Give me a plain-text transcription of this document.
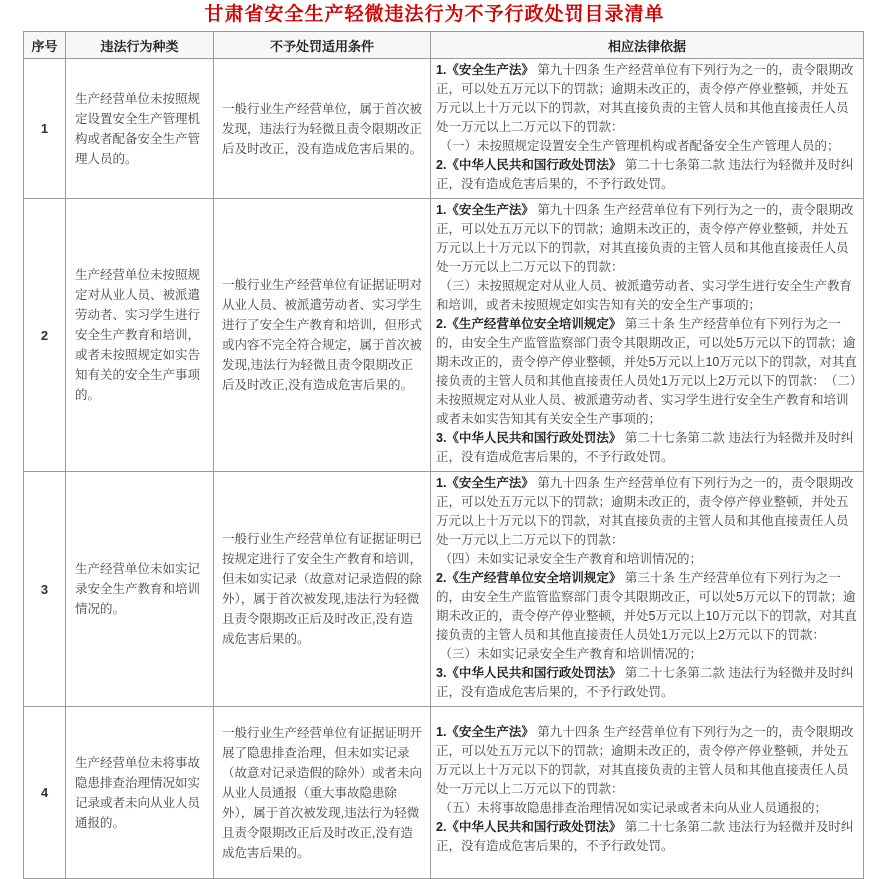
甘肃省安全生产轻微违法行为不予行政处罚目录清单
序号	违法行为种类	不予处罚适用条件	相应法律依据
1	生产经营单位未按照规定设置安全生产管理机构或者配备安全生产管理人员的。	一般行业生产经营单位，属于首次被发现，违法行为轻微且责令限期改正后及时改正，没有造成危害后果的。	1.《安全生产法》 第九十四条 生产经营单位有下列行为之一的，责令限期改正，可以处五万元以下的罚款；逾期未改正的，责令停产停业整顿，并处五万元以上十万元以下的罚款，对其直接负责的主管人员和其他直接责任人员处一万元以上二万元以下的罚款：

（一）未按照规定设置安全生产管理机构或者配备安全生产管理人员的；

2.《中华人民共和国行政处罚法》 第二十七条第二款 违法行为轻微并及时纠正，没有造成危害后果的，不予行政处罚。

2	生产经营单位未按照规定对从业人员、被派遣劳动者、实习学生进行安全生产教育和培训，或者未按照规定如实告知有关的安全生产事项的。	一般行业生产经营单位有证据证明对从业人员、被派遣劳动者、实习学生进行了安全生产教育和培训，但形式或内容不完全符合规定，属于首次被发现,违法行为轻微且责令限期改正后及时改正,没有造成危害后果的。	1.《安全生产法》 第九十四条 生产经营单位有下列行为之一的，责令限期改正，可以处五万元以下的罚款；逾期未改正的，责令停产停业整顿，并处五万元以上十万元以下的罚款，对其直接负责的主管人员和其他直接责任人员处一万元以上二万元以下的罚款：

（三）未按照规定对从业人员、被派遣劳动者、实习学生进行安全生产教育和培训，或者未按照规定如实告知有关的安全生产事项的；

2.《生产经营单位安全培训规定》 第三十条 生产经营单位有下列行为之一的，由安全生产监管监察部门责令其限期改正，可以处5万元以下的罚款；逾期未改正的，责令停产停业整顿，并处5万元以上10万元以下的罚款，对其直接负责的主管人员和其他直接责任人员处1万元以上2万元以下的罚款：　（二）未按照规定对从业人员、被派遣劳动者、实习学生进行安全生产教育和培训或者未如实告知其有关安全生产事项的；

3.《中华人民共和国行政处罚法》 第二十七条第二款 违法行为轻微并及时纠正，没有造成危害后果的，不予行政处罚。

3	生产经营单位未如实记录安全生产教育和培训情况的。	一般行业生产经营单位有证据证明已按规定进行了安全生产教育和培训，但未如实记录（故意对记录造假的除外），属于首次被发现,违法行为轻微且责令限期改正后及时改正,没有造成危害后果的。	1.《安全生产法》 第九十四条 生产经营单位有下列行为之一的，责令限期改正，可以处五万元以下的罚款；逾期未改正的，责令停产停业整顿，并处五万元以上十万元以下的罚款，对其直接负责的主管人员和其他直接责任人员处一万元以上二万元以下的罚款：

（四）未如实记录安全生产教育和培训情况的；

2.《生产经营单位安全培训规定》 第三十条 生产经营单位有下列行为之一的，由安全生产监管监察部门责令其限期改正，可以处5万元以下的罚款；逾期未改正的，责令停产停业整顿，并处5万元以上10万元以下的罚款，对其直接负责的主管人员和其他直接责任人员处1万元以上2万元以下的罚款：

（三）未如实记录安全生产教育和培训情况的；

3.《中华人民共和国行政处罚法》 第二十七条第二款 违法行为轻微并及时纠正，没有造成危害后果的，不予行政处罚。

4	生产经营单位未将事故隐患排查治理情况如实记录或者未向从业人员通报的。	一般行业生产经营单位有证据证明开展了隐患排查治理，但未如实记录（故意对记录造假的除外）或者未向从业人员通报（重大事故隐患除外），属于首次被发现,违法行为轻微且责令限期改正后及时改正,没有造成危害后果的。	1.《安全生产法》 第九十四条 生产经营单位有下列行为之一的，责令限期改正，可以处五万元以下的罚款；逾期未改正的，责令停产停业整顿，并处五万元以上十万元以下的罚款，对其直接负责的主管人员和其他直接责任人员处一万元以上二万元以下的罚款：

（五）未将事故隐患排查治理情况如实记录或者未向从业人员通报的；

2.《中华人民共和国行政处罚法》 第二十七条第二款 违法行为轻微并及时纠正，没有造成危害后果的，不予行政处罚。
